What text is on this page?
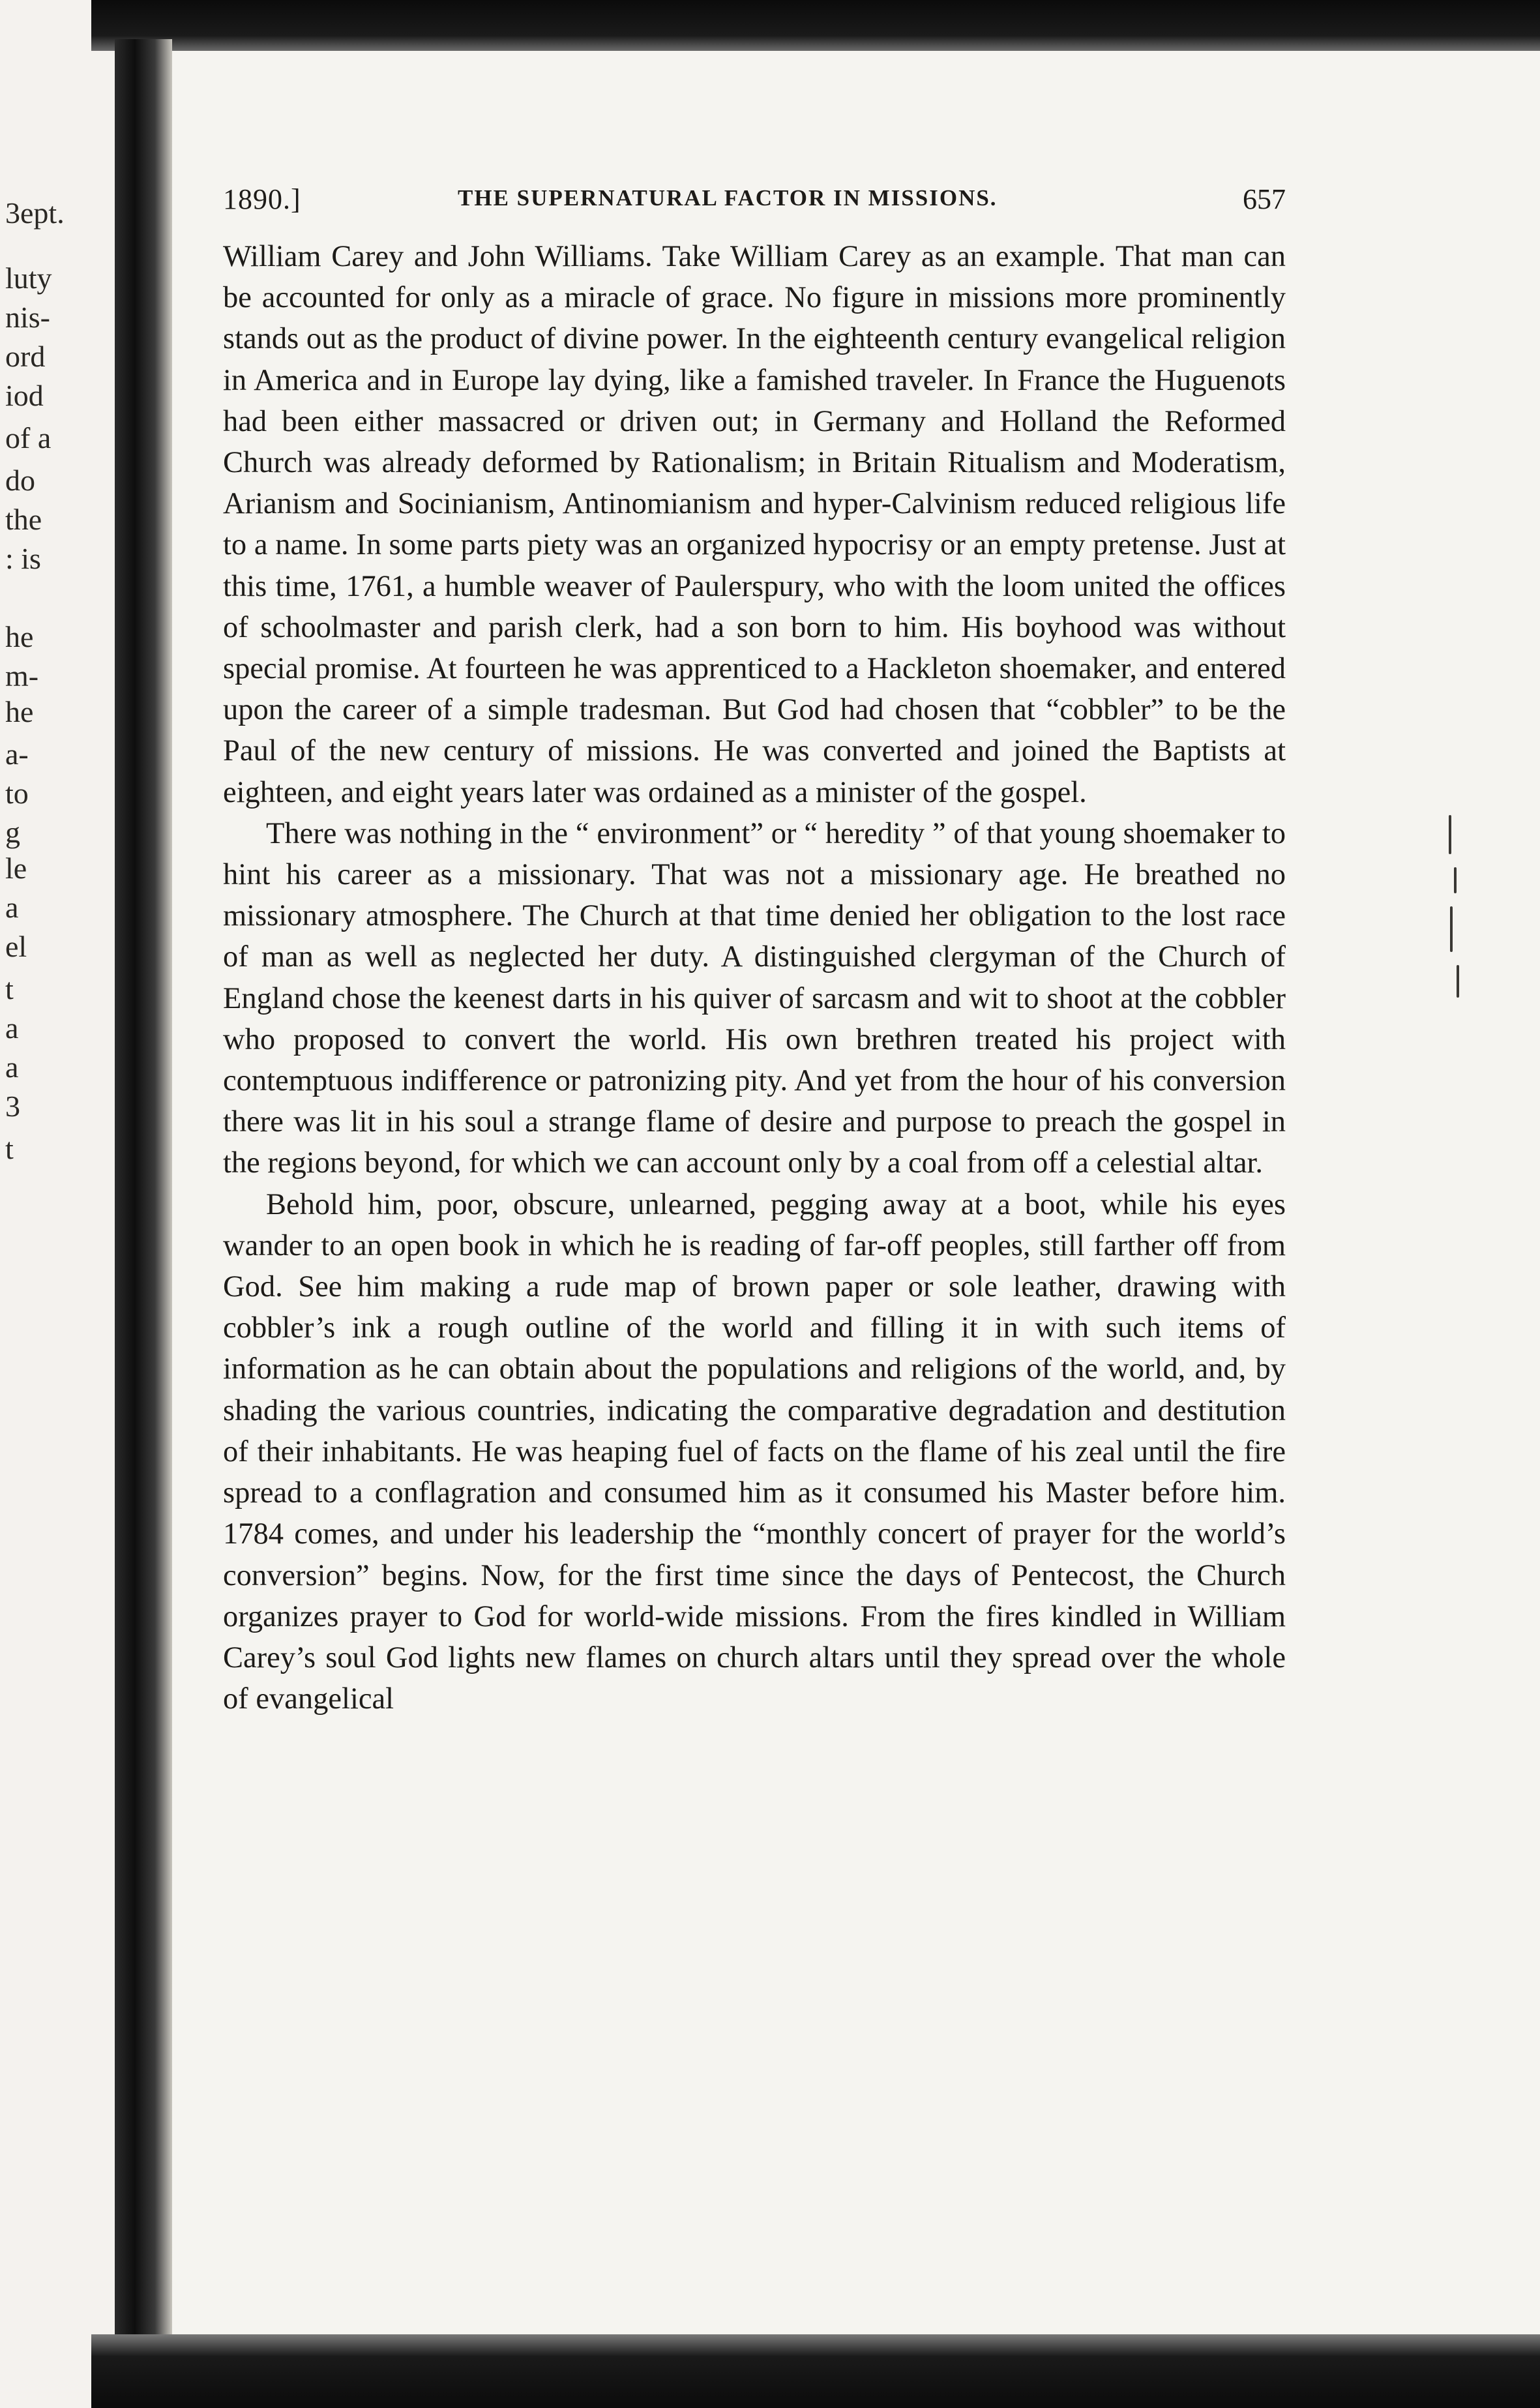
3ept.
luty
nis-
ord
iod
of a
do
the
: is
he
m-
he
a-
to
g
le
a
el
t
a
a
3
t
1890.]	THE SUPERNATURAL FACTOR IN MISSIONS.	657

William Carey and John Williams. Take William Carey as an example. That man can be accounted for only as a miracle of grace. No figure in missions more prominently stands out as the product of divine power. In the eighteenth century evangelical religion in America and in Europe lay dying, like a famished traveler. In France the Huguenots had been either massacred or driven out; in Germany and Holland the Reformed Church was already deformed by Rationalism; in Britain Ritualism and Moderatism, Arianism and Socinianism, Antinomianism and hyper-Calvinism reduced religious life to a name. In some parts piety was an organized hypocrisy or an empty pretense. Just at this time, 1761, a humble weaver of Paulerspury, who with the loom united the offices of schoolmaster and parish clerk, had a son born to him. His boyhood was without special promise. At fourteen he was apprenticed to a Hackleton shoemaker, and entered upon the career of a simple tradesman. But God had chosen that “cobbler” to be the Paul of the new century of missions. He was converted and joined the Baptists at eighteen, and eight years later was ordained as a minister of the gospel.

There was nothing in the “ environment” or “ heredity ” of that young shoemaker to hint his career as a missionary. That was not a missionary age. He breathed no missionary atmosphere. The Church at that time denied her obligation to the lost race of man as well as neglected her duty. A distinguished clergyman of the Church of England chose the keenest darts in his quiver of sarcasm and wit to shoot at the cobbler who proposed to convert the world. His own brethren treated his project with contemptuous indifference or patronizing pity. And yet from the hour of his conversion there was lit in his soul a strange flame of desire and purpose to preach the gospel in the regions beyond, for which we can account only by a coal from off a celestial altar.

Behold him, poor, obscure, unlearned, pegging away at a boot, while his eyes wander to an open book in which he is reading of far-off peoples, still farther off from God. See him making a rude map of brown paper or sole leather, drawing with cobbler’s ink a rough outline of the world and filling it in with such items of information as he can obtain about the populations and religions of the world, and, by shading the various countries, indicating the comparative degradation and destitution of their inhabitants. He was heaping fuel of facts on the flame of his zeal until the fire spread to a conflagration and consumed him as it consumed his Master before him. 1784 comes, and under his leadership the “monthly concert of prayer for the world’s conversion” begins. Now, for the first time since the days of Pentecost, the Church organizes prayer to God for world-wide missions. From the fires kindled in William Carey’s soul God lights new flames on church altars until they spread over the whole of evangelical
